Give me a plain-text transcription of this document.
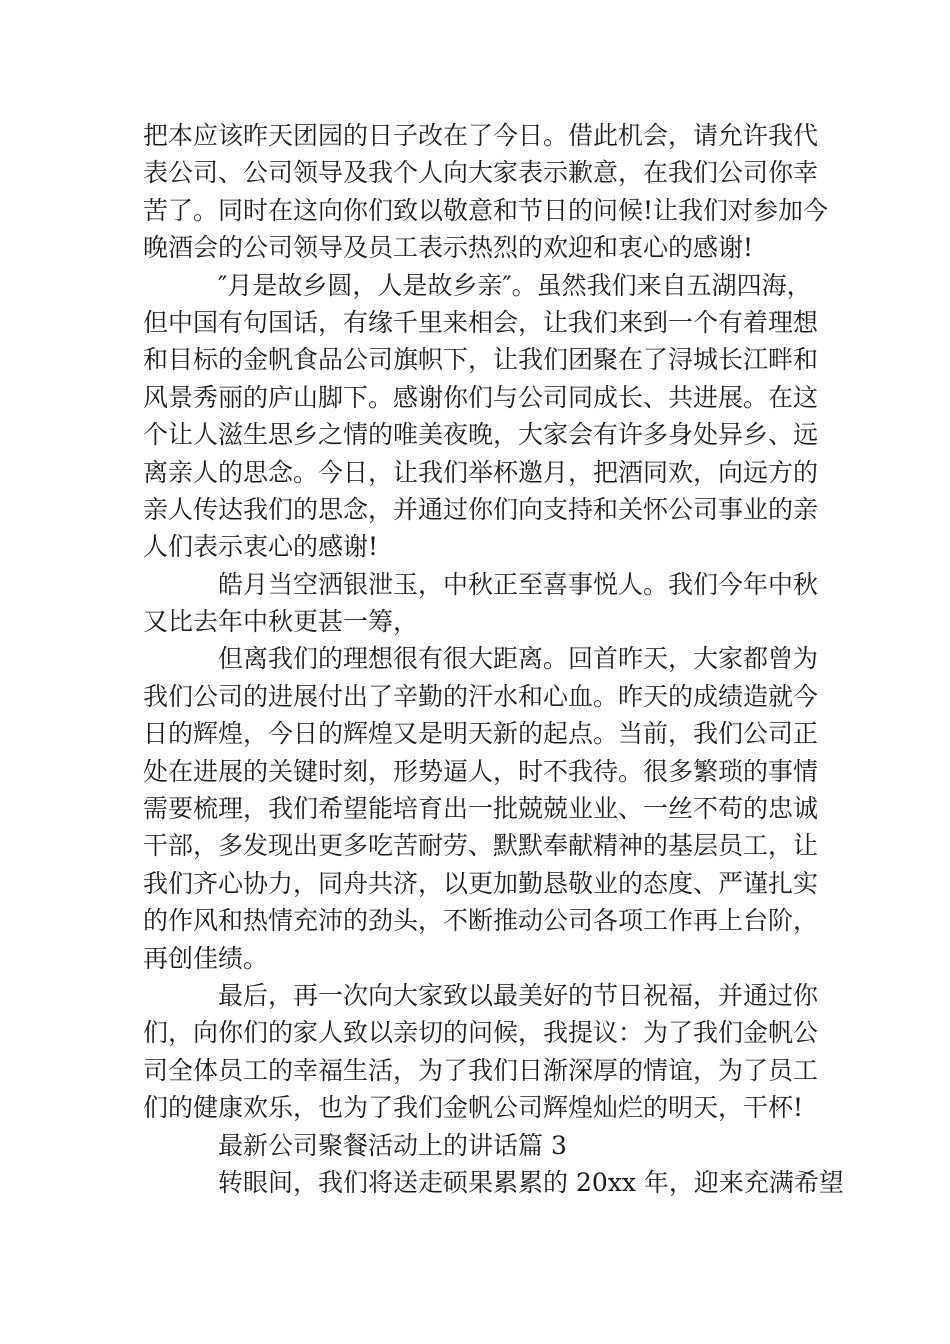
把本应该昨天团园的日子改在了今日。借此机会，请允许我代
表公司、公司领导及我个人向大家表示歉意，在我们公司你幸
苦了。同时在这向你们致以敬意和节日的问候!让我们对参加今
晚酒会的公司领导及员工表示热烈的欢迎和衷心的感谢!
″月是故乡圆，人是故乡亲″。虽然我们来自五湖四海，
但中国有句国话，有缘千里来相会，让我们来到一个有着理想
和目标的金帆食品公司旗帜下，让我们团聚在了浔城长江畔和
风景秀丽的庐山脚下。感谢你们与公司同成长、共进展。在这
个让人滋生思乡之情的唯美夜晚，大家会有许多身处异乡、远
离亲人的思念。今日，让我们举杯邀月，把酒同欢，向远方的
亲人传达我们的思念，并通过你们向支持和关怀公司事业的亲
人们表示衷心的感谢!
皓月当空洒银泄玉，中秋正至喜事悦人。我们今年中秋
又比去年中秋更甚一筹，
但离我们的理想很有很大距离。回首昨天，大家都曾为
我们公司的进展付出了辛勤的汗水和心血。昨天的成绩造就今
日的辉煌，今日的辉煌又是明天新的起点。当前，我们公司正
处在进展的关键时刻，形势逼人，时不我待。很多繁琐的事情
需要梳理，我们希望能培育出一批兢兢业业、一丝不苟的忠诚
干部，多发现出更多吃苦耐劳、默默奉献精神的基层员工，让
我们齐心协力，同舟共济，以更加勤恳敬业的态度、严谨扎实
的作风和热情充沛的劲头，不断推动公司各项工作再上台阶，
再创佳绩。
最后，再一次向大家致以最美好的节日祝福，并通过你
们，向你们的家人致以亲切的问候，我提议：为了我们金帆公
司全体员工的幸福生活，为了我们日渐深厚的情谊，为了员工
们的健康欢乐，也为了我们金帆公司辉煌灿烂的明天，干杯!
最新公司聚餐活动上的讲话篇 3
转眼间，我们将送走硕果累累的 20xx 年，迎来充满希望
